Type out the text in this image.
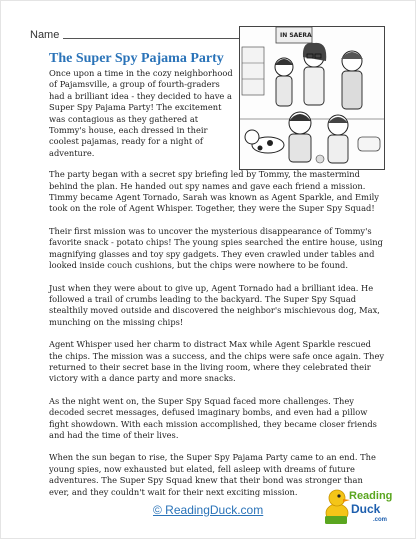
Name
The Super Spy Pajama Party
IN SAERA

Once upon a time in the cozy neighborhood of Pajamsville, a group of fourth-graders had a brilliant idea - they decided to have a Super Spy Pajama Party! The excitement was contagious as they gathered at Tommy's house, each dressed in their coolest pajamas, ready for a night of adventure.

The party began with a secret spy briefing led by Tommy, the mastermind behind the plan. He handed out spy names and gave each friend a mission. Timmy became Agent Tornado, Sarah was known as Agent Sparkle, and Emily took on the role of Agent Whisper. Together, they were the Super Spy Squad!

Their first mission was to uncover the mysterious disappearance of Tommy's favorite snack - potato chips! The young spies searched the entire house, using magnifying glasses and toy spy gadgets. They even crawled under tables and looked inside couch cushions, but the chips were nowhere to be found.

Just when they were about to give up, Agent Tornado had a brilliant idea. He followed a trail of crumbs leading to the backyard. The Super Spy Squad stealthily moved outside and discovered the neighbor's mischievous dog, Max, munching on the missing chips!

Agent Whisper used her charm to distract Max while Agent Sparkle rescued the chips. The mission was a success, and the chips were safe once again. They returned to their secret base in the living room, where they celebrated their victory with a dance party and more snacks.

As the night went on, the Super Spy Squad faced more challenges. They decoded secret messages, defused imaginary bombs, and even had a pillow fight showdown. With each mission accomplished, they became closer friends and had the time of their lives.

When the sun began to rise, the Super Spy Pajama Party came to an end. The young spies, now exhausted but elated, fell asleep with dreams of future adventures. The Super Spy Squad knew that their bond was stronger than ever, and they couldn't wait for their next exciting mission.

© ReadingDuck.com
Reading
Duck
.com
